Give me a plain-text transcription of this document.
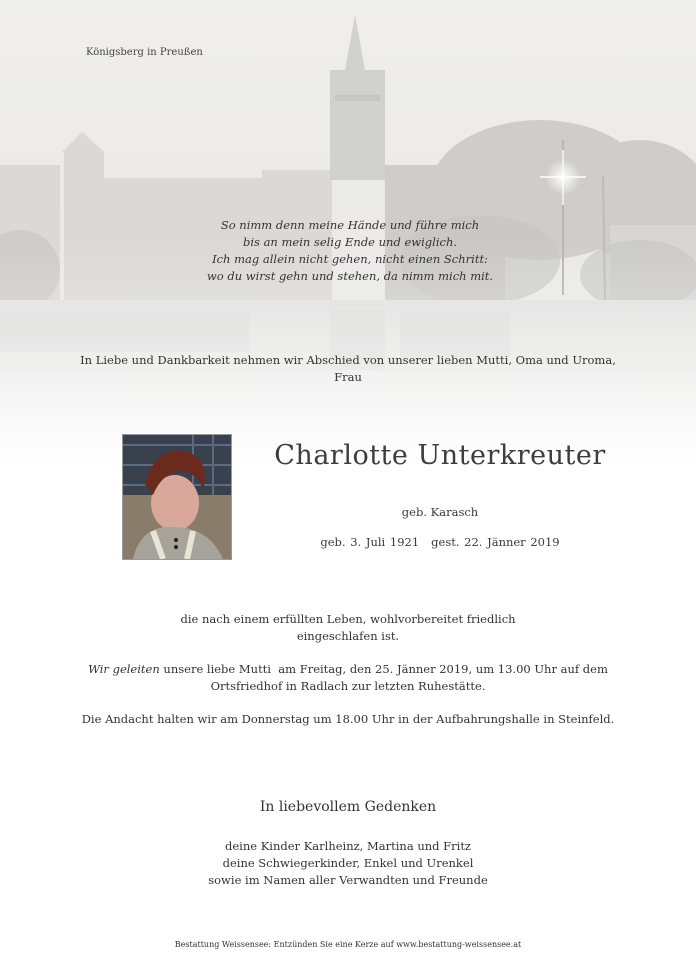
Königsberg in Preußen
So nimm denn meine Hände und führe mich
bis an mein selig Ende und ewiglich.
Ich mag allein nicht gehen, nicht einen Schritt:
wo du wirst gehn und stehen, da nimm mich mit.
In Liebe und Dankbarkeit nehmen wir Abschied von unserer lieben Mutti, Oma und Uroma,
Frau
Charlotte Unterkreuter
geb. Karasch
geb. 3. Juli 1921 gest. 22. Jänner 2019

die nach einem erfüllten Leben, wohlvorbereitet friedlich
eingeschlafen ist.

Wir geleiten unsere liebe Mutti  am Freitag, den 25. Jänner 2019, um 13.00 Uhr auf dem
Ortsfriedhof in Radlach zur letzten Ruhestätte.

Die Andacht halten wir am Donnerstag um 18.00 Uhr in der Aufbahrungshalle in Steinfeld.

In liebevollem Gedenken
deine Kinder Karlheinz, Martina und Fritz
deine Schwiegerkinder, Enkel und Urenkel
sowie im Namen aller Verwandten und Freunde
Bestattung Weissensee: Entzünden Sie eine Kerze auf www.bestattung-weissensee.at
